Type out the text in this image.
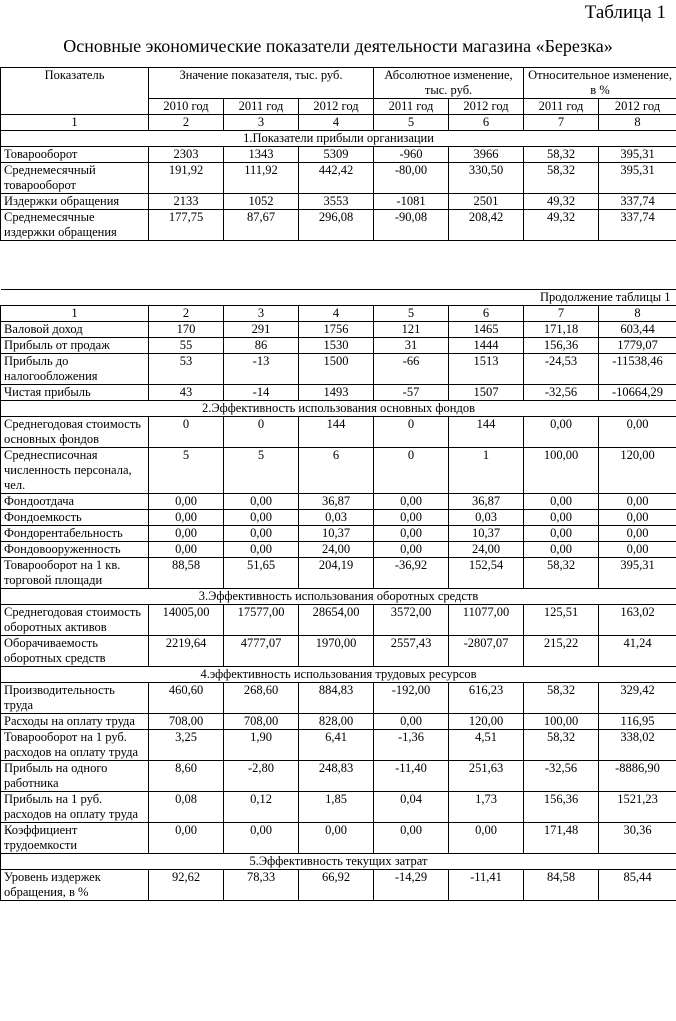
Таблица 1
Основные экономические показатели деятельности магазина «Березка»
Показатель	Значение показателя, тыс. руб.			Абсолютное изменение, тыс. руб.		Относительное изменение, в %	
	2010 год	2011 год	2012 год	2011 год	2012 год	2011 год	2012 год
1	2	3	4	5	6	7	8
1.Показатели прибыли организации							
Товарооборот	2303	1343	5309	-960	3966	58,32	395,31
Среднемесячный товарооборот	191,92	111,92	442,42	-80,00	330,50	58,32	395,31
Издержки обращения	2133	1052	3553	-1081	2501	49,32	337,74
Среднемесячные издержки обращения	177,75	87,67	296,08	-90,08	208,42	49,32	337,74
Продолжение таблицы 1							
1	2	3	4	5	6	7	8
Валовой доход	170	291	1756	121	1465	171,18	603,44
Прибыль от продаж	55	86	1530	31	1444	156,36	1779,07
Прибыль до налогообложения	53	-13	1500	-66	1513	-24,53	-11538,46
Чистая прибыль	43	-14	1493	-57	1507	-32,56	-10664,29
2.Эффективность использования основных фондов							
Среднегодовая стоимость основных фондов	0	0	144	0	144	0,00	0,00
Среднесписочная численность персонала, чел.	5	5	6	0	1	100,00	120,00
Фондоотдача	0,00	0,00	36,87	0,00	36,87	0,00	0,00
Фондоемкость	0,00	0,00	0,03	0,00	0,03	0,00	0,00
Фондорентабельность	0,00	0,00	10,37	0,00	10,37	0,00	0,00
Фондовооруженность	0,00	0,00	24,00	0,00	24,00	0,00	0,00
Товарооборот на 1 кв. торговой площади	88,58	51,65	204,19	-36,92	152,54	58,32	395,31
3.Эффективность использования оборотных средств							
Среднегодовая стоимость оборотных активов	14005,00	17577,00	28654,00	3572,00	11077,00	125,51	163,02
Оборачиваемость оборотных средств	2219,64	4777,07	1970,00	2557,43	-2807,07	215,22	41,24
4.эффективность использования трудовых ресурсов							
Производительность труда	460,60	268,60	884,83	-192,00	616,23	58,32	329,42
Расходы на оплату труда	708,00	708,00	828,00	0,00	120,00	100,00	116,95
Товарооборот на 1 руб. расходов на оплату труда	3,25	1,90	6,41	-1,36	4,51	58,32	338,02
Прибыль на одного работника	8,60	-2,80	248,83	-11,40	251,63	-32,56	-8886,90
Прибыль на 1 руб. расходов на оплату труда	0,08	0,12	1,85	0,04	1,73	156,36	1521,23
Коэффициент трудоемкости	0,00	0,00	0,00	0,00	0,00	171,48	30,36
5.Эффективность текущих затрат							
Уровень издержек обращения, в %	92,62	78,33	66,92	-14,29	-11,41	84,58	85,44
